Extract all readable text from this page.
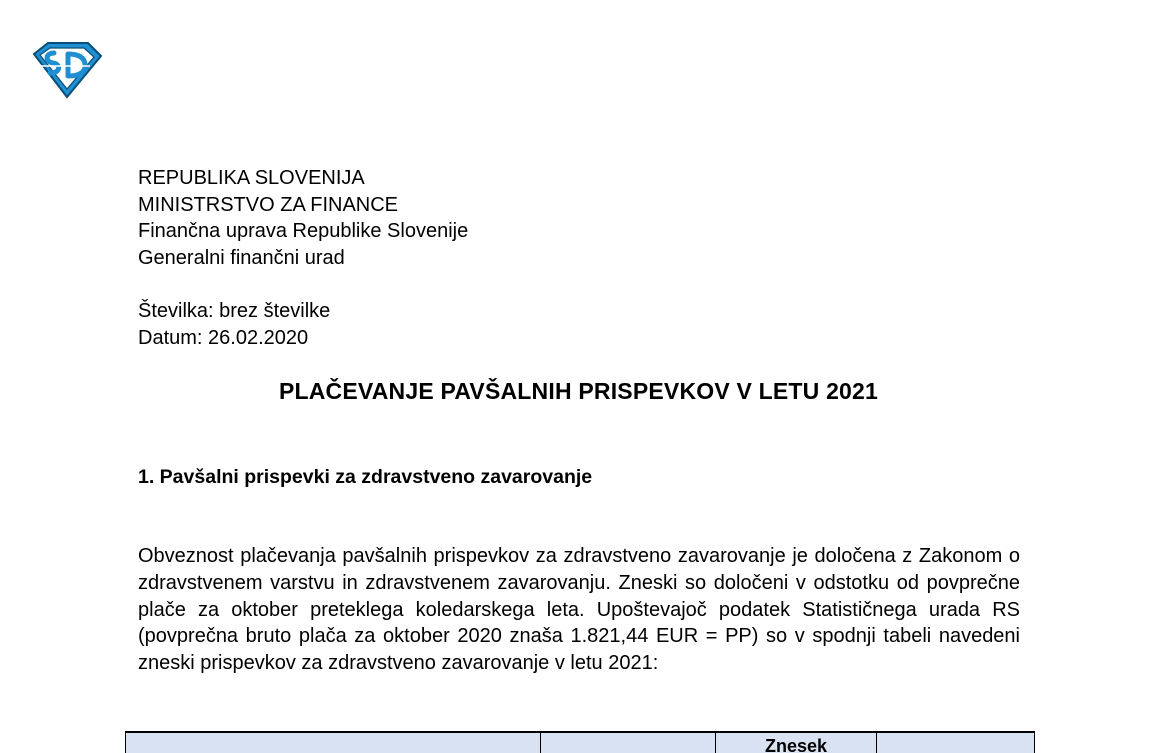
REPUBLIKA SLOVENIJA
MINISTRSTVO ZA FINANCE
Finančna uprava Republike Slovenije
Generalni finančni urad
Številka: brez številke
Datum: 26.02.2020
PLAČEVANJE PAVŠALNIH PRISPEVKOV V LETU 2021
1. Pavšalni prispevki za zdravstveno zavarovanje
Obveznost plačevanja pavšalnih prispevkov za zdravstveno zavarovanje je določena z Zakonom o zdravstvenem varstvu in zdravstvenem zavarovanju. Zneski so določeni v odstotku od povprečne plače za oktober preteklega koledarskega leta. Upoštevajoč podatek Statističnega urada RS (povprečna bruto plača za oktober 2020 znaša 1.821,44 EUR = PP) so v spodnji tabeli navedeni zneski prispevkov za zdravstveno zavarovanje v letu 2021:
Znesek
